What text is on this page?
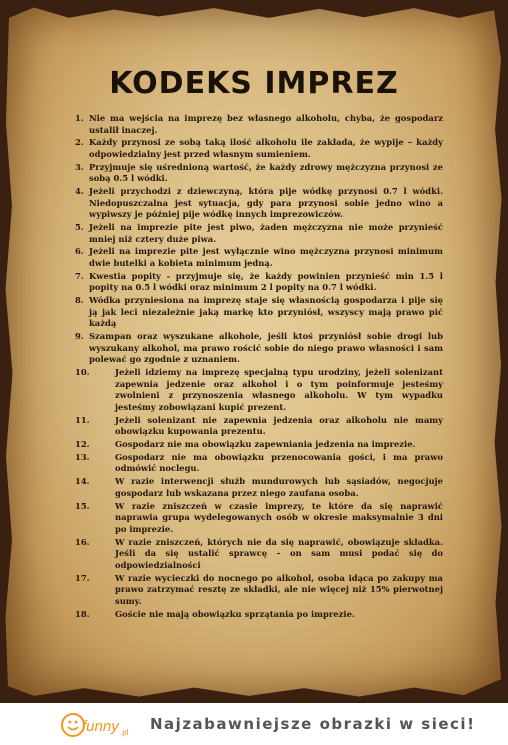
KODEKS IMPREZ
1. Nie ma wejścia na imprezę bez własnego alkoholu, chyba, że gospodarz ustalił inaczej.
2. Każdy przynosi ze sobą taką ilość alkoholu ile zakłada, że wypije – każdy odpowiedzialny jest przed własnym sumieniem.
3. Przyjmuje się uśrednioną wartość, że każdy zdrowy mężczyzna przynosi ze sobą 0.5 l wódki.
4. Jeżeli przychodzi z dziewczyną, która pije wódkę przynosi 0.7 l wódki. Niedopuszczalna jest sytuacja, gdy para przynosi sobie jedno wino a wypiwszy je później pije wódkę innych imprezowiczów.
5. Jeżeli na imprezie pite jest piwo, żaden mężczyzna nie może przynieść mniej niż cztery duże piwa.
6. Jeżeli na imprezie pite jest wyłącznie wino mężczyzna przynosi minimum dwie butelki a kobieta minimum jedną.
7. Kwestia popity - przyjmuje się, że każdy powinien przynieść min 1.5 l popity na 0.5 l wódki oraz minimum 2 l popity na 0.7 l wódki.
8. Wódka przyniesiona na imprezę staje się własnością gospodarza i pije się ją jak leci niezależnie jaką markę kto przyniósł, wszyscy mają prawo pić każdą
9. Szampan oraz wyszukane alkohole, jeśli ktoś przyniósł sobie drogi lub wyszukany alkohol, ma prawo rościć sobie do niego prawo własności i sam polewać go zgodnie z uznaniem.
10.	Jeżeli idziemy na imprezę specjalną typu urodziny, jeżeli solenizant zapewnia jedzenie oraz alkohol i o tym poinformuje jesteśmy zwolnieni z przynoszenia własnego alkoholu. W tym wypadku jesteśmy zobowiązani kupić prezent.
11.	Jeżeli solenizant nie zapewnia jedzenia oraz alkoholu nie mamy obowiązku kupowania prezentu.
12.	Gospodarz nie ma obowiązku zapewniania jedzenia na imprezie.
13.	Gospodarz nie ma obowiązku przenocowania gości, i ma prawo odmówić noclegu.
14.	W razie interwencji służb mundurowych lub sąsiadów, negocjuje gospodarz lub wskazana przez niego zaufana osoba.
15.	W razie zniszczeń w czasie imprezy, te które da się naprawić naprawia grupa wydelegowanych osób w okresie maksymalnie 3 dni po imprezie.
16.	W razie zniszczeń, których nie da się naprawić, obowiązuje składka. Jeśli da się ustalić sprawcę – on sam musi podać się do odpowiedzialności
17.	W razie wycieczki do nocnego po alkohol, osoba idąca po zakupy ma prawo zatrzymać resztę ze składki, ale nie więcej niż 15% pierwotnej sumy.
18.	Goście nie mają obowiązku sprzątania po imprezie.
funny .pl Najzabawniejsze obrazki w sieci!
